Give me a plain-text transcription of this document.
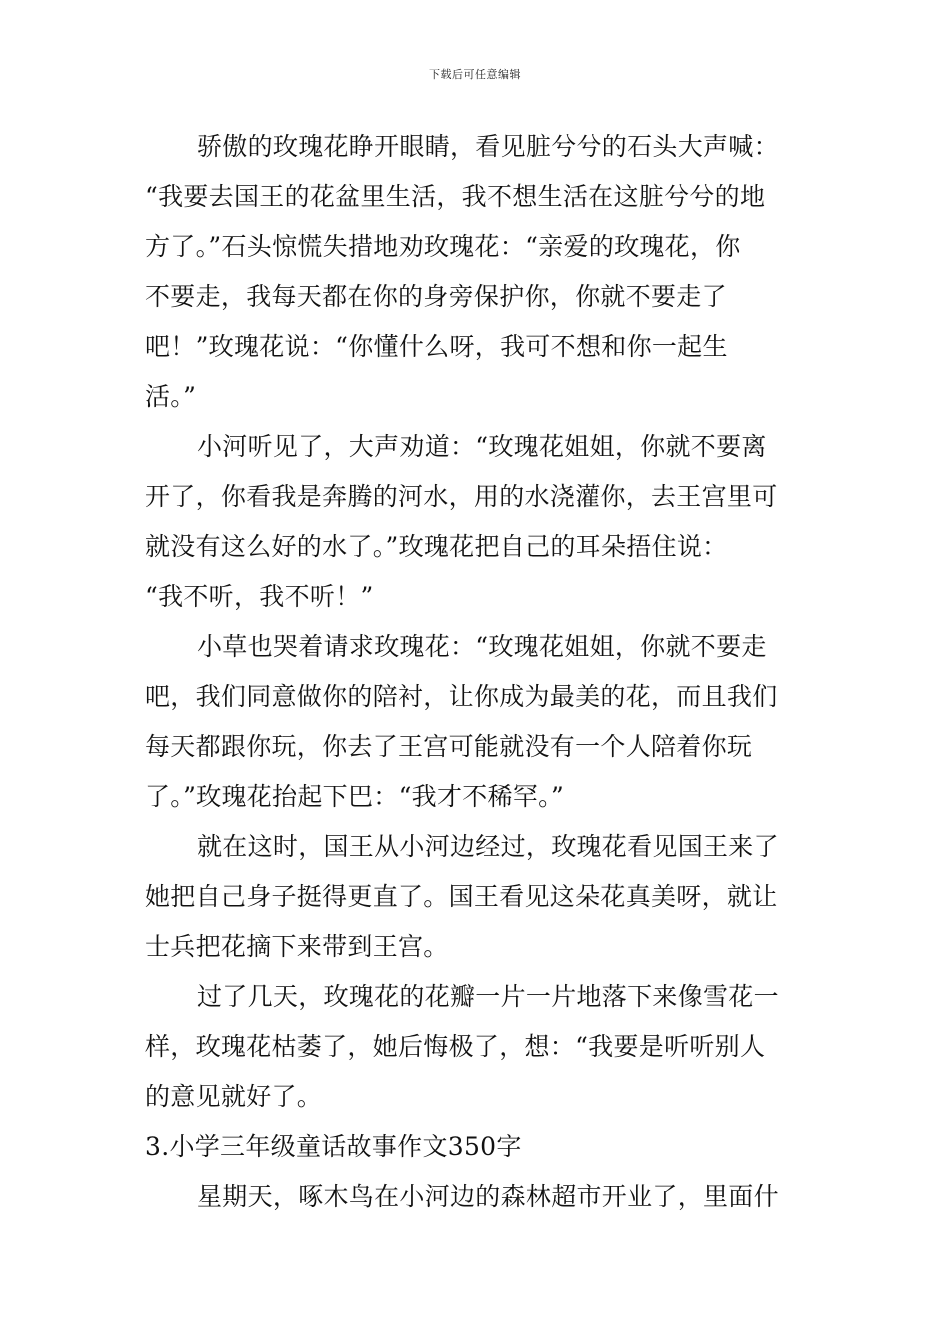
下载后可任意编辑

骄傲的玫瑰花睁开眼睛，看见脏兮兮的石头大声喊：
“我要去国王的花盆里生活，我不想生活在这脏兮兮的地
方了。”石头惊慌失措地劝玫瑰花：“亲爱的玫瑰花，你
不要走，我每天都在你的身旁保护你，你就不要走了
吧！”玫瑰花说：“你懂什么呀，我可不想和你一起生
活。”

小河听见了，大声劝道：“玫瑰花姐姐，你就不要离
开了，你看我是奔腾的河水，用的水浇灌你，去王宫里可
就没有这么好的水了。”玫瑰花把自己的耳朵捂住说：
“我不听，我不听！”

小草也哭着请求玫瑰花：“玫瑰花姐姐，你就不要走
吧，我们同意做你的陪衬，让你成为最美的花，而且我们
每天都跟你玩，你去了王宫可能就没有一个人陪着你玩
了。”玫瑰花抬起下巴：“我才不稀罕。”

就在这时，国王从小河边经过，玫瑰花看见国王来了
她把自己身子挺得更直了。国王看见这朵花真美呀，就让
士兵把花摘下来带到王宫。

过了几天，玫瑰花的花瓣一片一片地落下来像雪花一
样，玫瑰花枯萎了，她后悔极了，想：“我要是听听别人
的意见就好了。

3.小学三年级童话故事作文350字

星期天，啄木鸟在小河边的森林超市开业了，里面什
